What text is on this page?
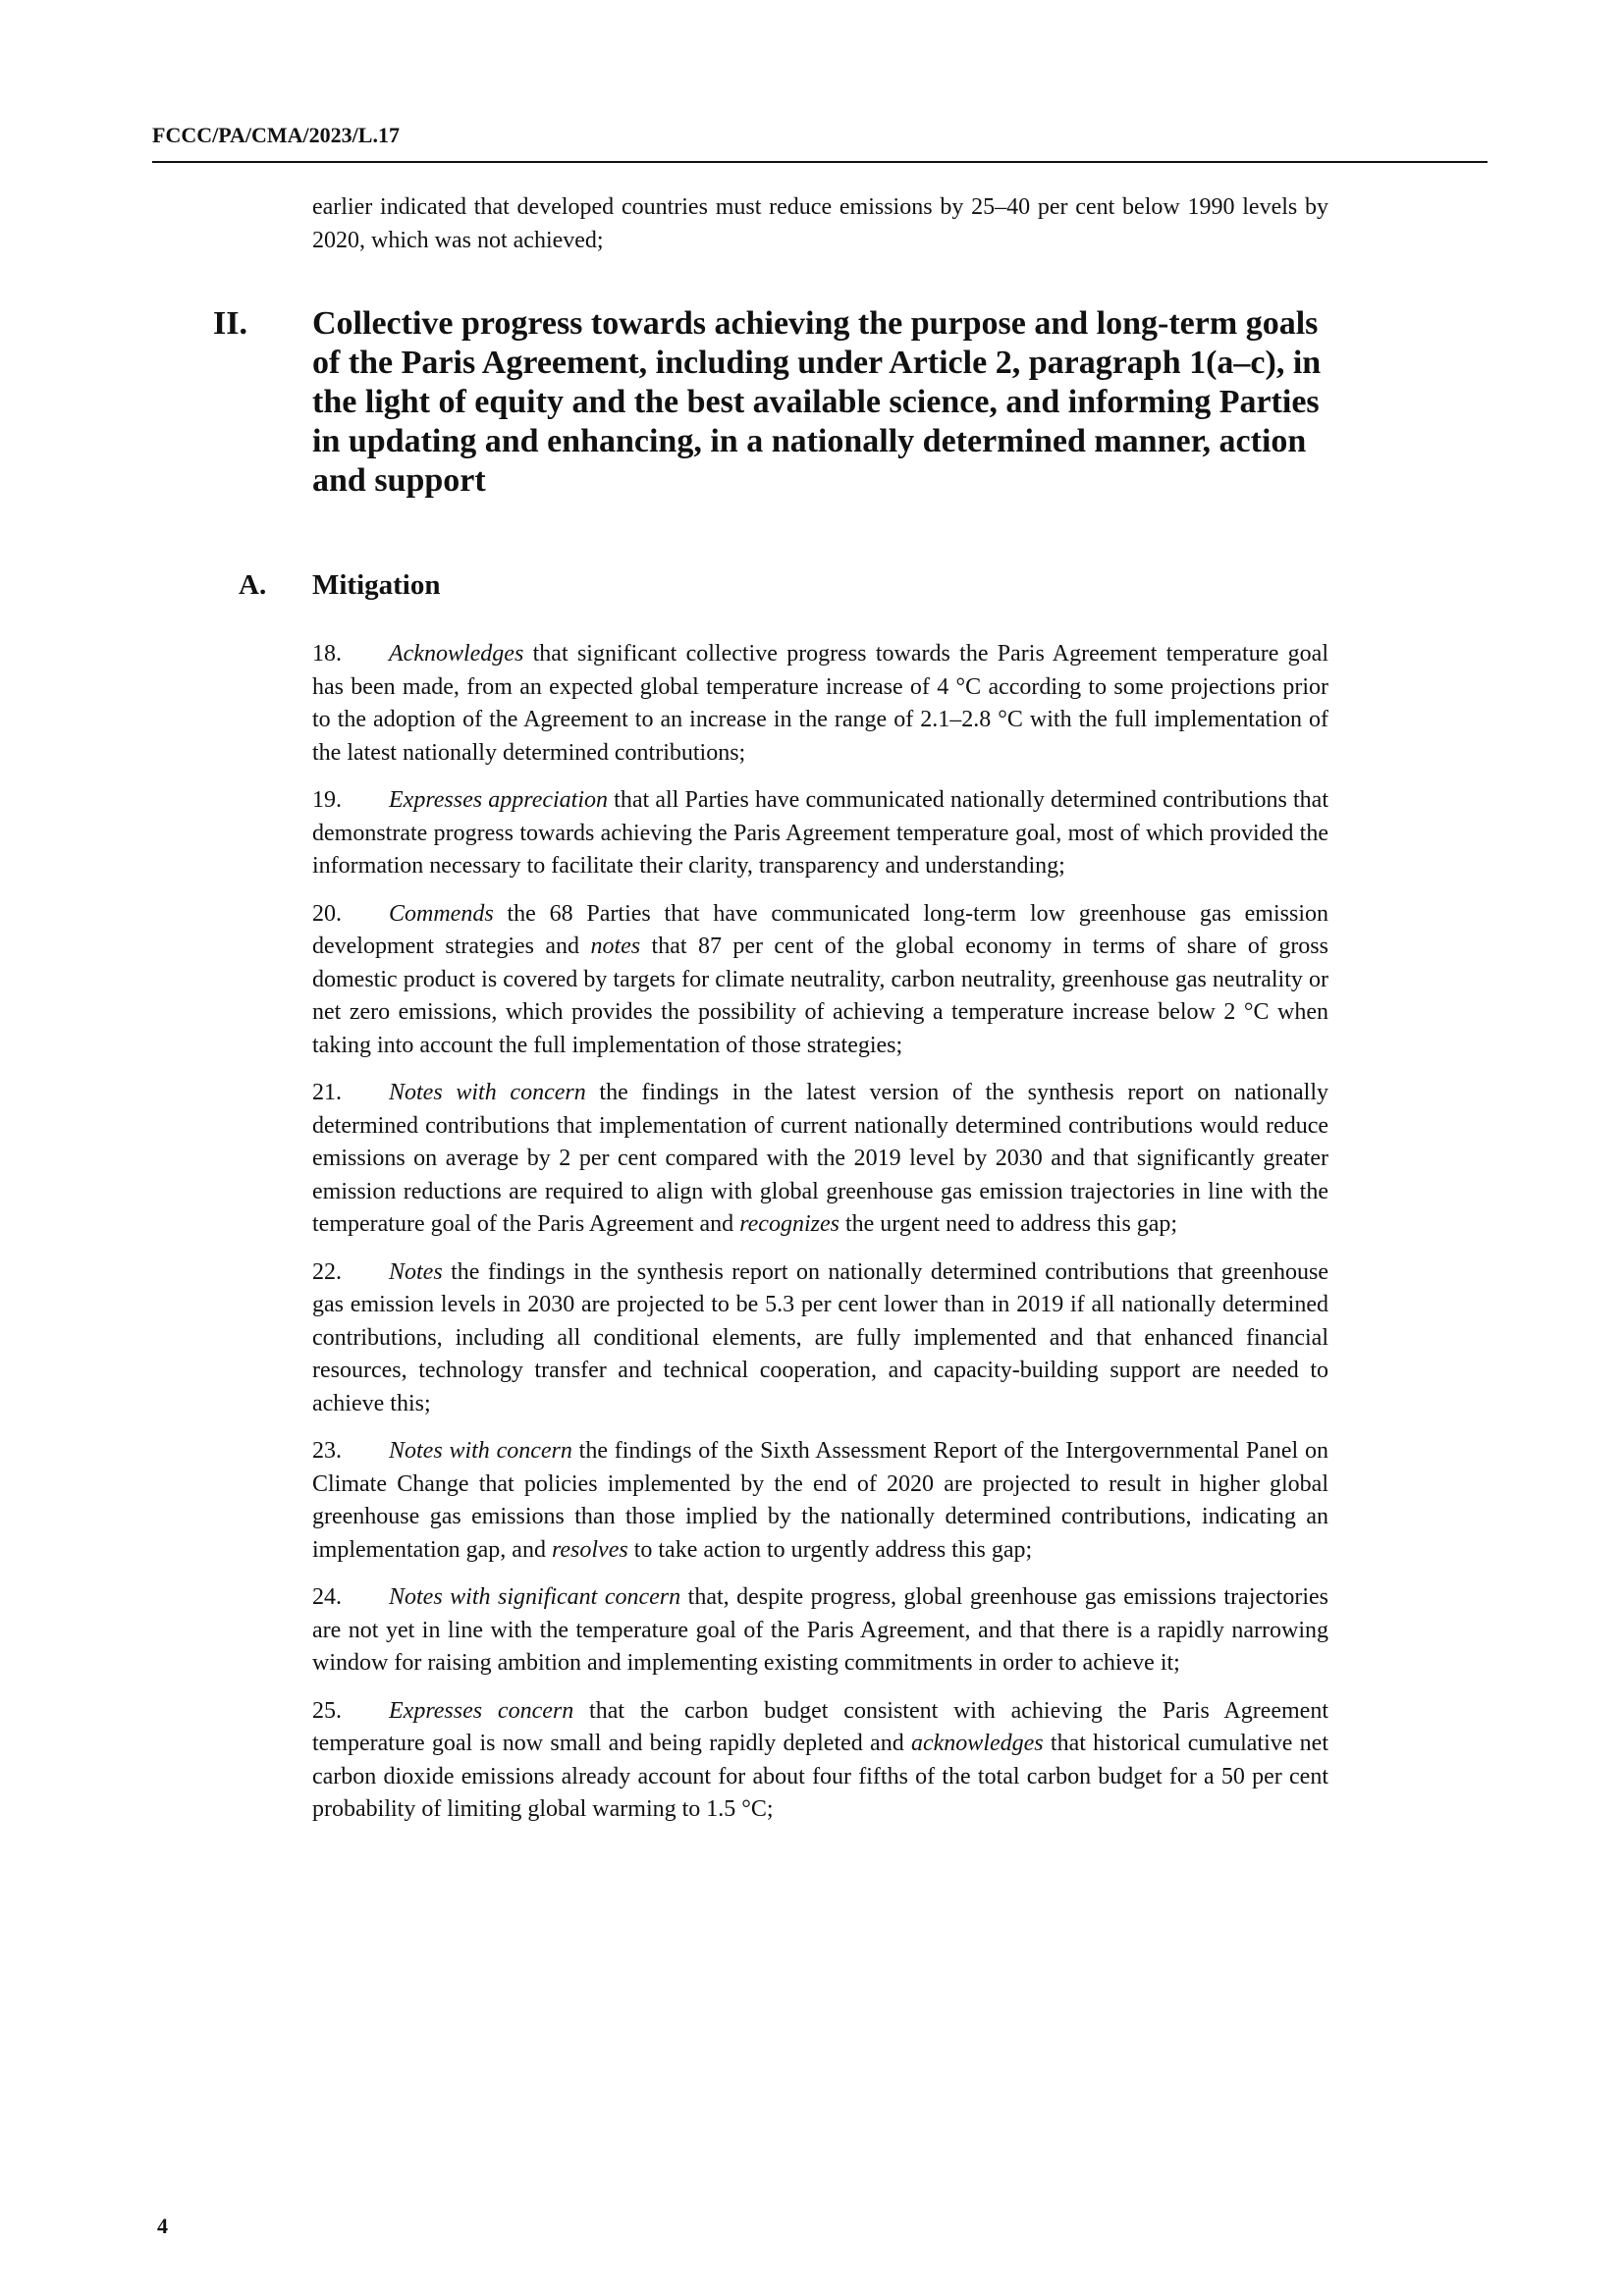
FCCC/PA/CMA/2023/L.17

earlier indicated that developed countries must reduce emissions by 25–40 per cent below 1990 levels by 2020, which was not achieved;

II. Collective progress towards achieving the purpose and long-term goals of the Paris Agreement, including under Article 2, paragraph 1(a–c), in the light of equity and the best available science, and informing Parties in updating and enhancing, in a nationally determined manner, action and support
A. Mitigation

18. Acknowledges that significant collective progress towards the Paris Agreement temperature goal has been made, from an expected global temperature increase of 4 °C according to some projections prior to the adoption of the Agreement to an increase in the range of 2.1–2.8 °C with the full implementation of the latest nationally determined contributions;

19. Expresses appreciation that all Parties have communicated nationally determined contributions that demonstrate progress towards achieving the Paris Agreement temperature goal, most of which provided the information necessary to facilitate their clarity, transparency and understanding;

20. Commends the 68 Parties that have communicated long-term low greenhouse gas emission development strategies and notes that 87 per cent of the global economy in terms of share of gross domestic product is covered by targets for climate neutrality, carbon neutrality, greenhouse gas neutrality or net zero emissions, which provides the possibility of achieving a temperature increase below 2 °C when taking into account the full implementation of those strategies;

21. Notes with concern the findings in the latest version of the synthesis report on nationally determined contributions that implementation of current nationally determined contributions would reduce emissions on average by 2 per cent compared with the 2019 level by 2030 and that significantly greater emission reductions are required to align with global greenhouse gas emission trajectories in line with the temperature goal of the Paris Agreement and recognizes the urgent need to address this gap;

22. Notes the findings in the synthesis report on nationally determined contributions that greenhouse gas emission levels in 2030 are projected to be 5.3 per cent lower than in 2019 if all nationally determined contributions, including all conditional elements, are fully implemented and that enhanced financial resources, technology transfer and technical cooperation, and capacity-building support are needed to achieve this;

23. Notes with concern the findings of the Sixth Assessment Report of the Intergovernmental Panel on Climate Change that policies implemented by the end of 2020 are projected to result in higher global greenhouse gas emissions than those implied by the nationally determined contributions, indicating an implementation gap, and resolves to take action to urgently address this gap;

24. Notes with significant concern that, despite progress, global greenhouse gas emissions trajectories are not yet in line with the temperature goal of the Paris Agreement, and that there is a rapidly narrowing window for raising ambition and implementing existing commitments in order to achieve it;

25. Expresses concern that the carbon budget consistent with achieving the Paris Agreement temperature goal is now small and being rapidly depleted and acknowledges that historical cumulative net carbon dioxide emissions already account for about four fifths of the total carbon budget for a 50 per cent probability of limiting global warming to 1.5 °C;

4
